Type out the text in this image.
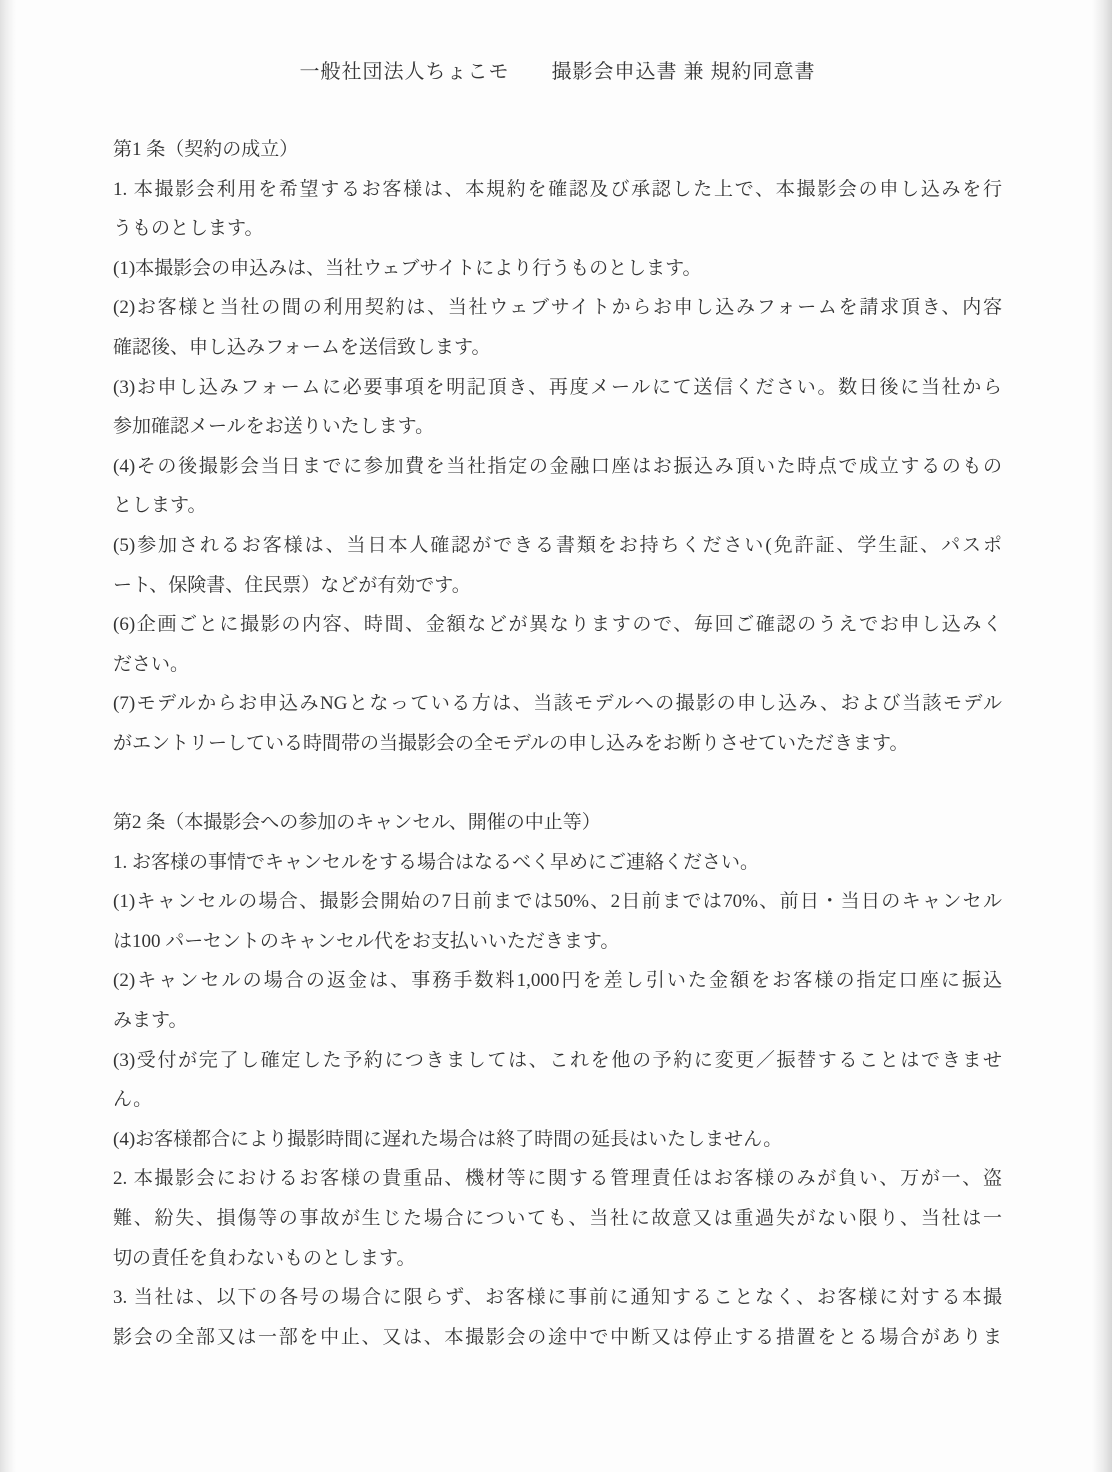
一般社団法人ちょこモ　　撮影会申込書 兼 規約同意書
第1 条（契約の成立）
1. 本撮影会利用を希望するお客様は、本規約を確認及び承認した上で、本撮影会の申し込みを行
うものとします。
(1)本撮影会の申込みは、当社ウェブサイトにより行うものとします。
(2)お客様と当社の間の利用契約は、当社ウェブサイトからお申し込みフォームを請求頂き、内容
確認後、申し込みフォームを送信致します。
(3)お申し込みフォームに必要事項を明記頂き、再度メールにて送信ください。数日後に当社から
参加確認メールをお送りいたします。
(4)その後撮影会当日までに参加費を当社指定の金融口座はお振込み頂いた時点で成立するのもの
とします。
(5)参加されるお客様は、当日本人確認ができる書類をお持ちください(免許証、学生証、パスポ
ート、保険書、住民票）などが有効です。
(6)企画ごとに撮影の内容、時間、金額などが異なりますので、毎回ご確認のうえでお申し込みく
ださい。
(7)モデルからお申込みNGとなっている方は、当該モデルへの撮影の申し込み、および当該モデル
がエントリーしている時間帯の当撮影会の全モデルの申し込みをお断りさせていただきます。
第2 条（本撮影会への参加のキャンセル、開催の中止等）
1. お客様の事情でキャンセルをする場合はなるべく早めにご連絡ください。
(1)キャンセルの場合、撮影会開始の7日前までは50%、2日前までは70%、前日・当日のキャンセル
は100 パーセントのキャンセル代をお支払いいただきます。
(2)キャンセルの場合の返金は、事務手数料1,000円を差し引いた金額をお客様の指定口座に振込
みます。
(3)受付が完了し確定した予約につきましては、これを他の予約に変更／振替することはできませ
ん。
(4)お客様都合により撮影時間に遅れた場合は終了時間の延長はいたしません。
2. 本撮影会におけるお客様の貴重品、機材等に関する管理責任はお客様のみが負い、万が一、盗
難、紛失、損傷等の事故が生じた場合についても、当社に故意又は重過失がない限り、当社は一
切の責任を負わないものとします。
3. 当社は、以下の各号の場合に限らず、お客様に事前に通知することなく、お客様に対する本撮
影会の全部又は一部を中止、又は、本撮影会の途中で中断又は停止する措置をとる場合がありま
